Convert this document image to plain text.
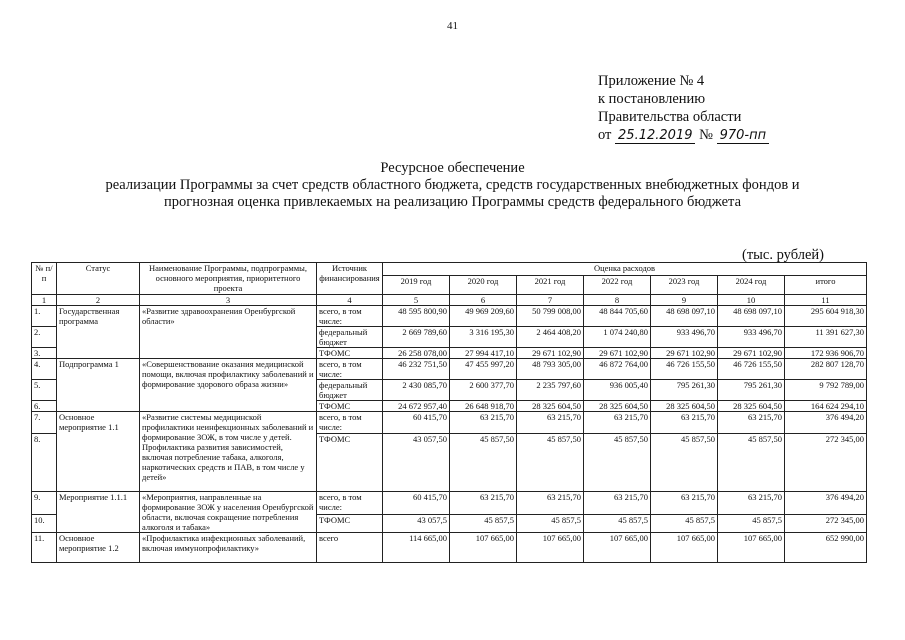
41
Приложение № 4
к постановлению
Правительства области
от 25.12.2019 № 970-пп
Ресурсное обеспечение
реализации Программы за счет средств областного бюджета, средств государственных внебюджетных фондов и
прогнозная оценка привлекаемых на реализацию Программы средств федерального бюджета
(тыс. рублей)
№ п/п	Статус	Наименование Программы, подпрограммы, основного мероприятия, приоритетного проекта	Источник финансирования	Оценка расходов						
				2019 год	2020 год	2021 год	2022 год	2023 год	2024 год	итого
1	2	3	4	5	6	7	8	9	10	11
1.	Государственная программа	«Развитие здравоохранения Оренбургской области»	всего, в том числе:	48 595 800,90	49 969 209,60	50 799 008,00	48 844 705,60	48 698 097,10	48 698 097,10	295 604 918,30
2.			федеральный бюджет	2 669 789,60	3 316 195,30	2 464 408,20	1 074 240,80	933 496,70	933 496,70	11 391 627,30
3.			ТФОМС	26 258 078,00	27 994 417,10	29 671 102,90	29 671 102,90	29 671 102,90	29 671 102,90	172 936 906,70
4.	Подпрограмма 1	«Совершенствование оказания медицинской помощи, включая профилактику заболеваний и формирование здорового образа жизни»	всего, в том числе:	46 232 751,50	47 455 997,20	48 793 305,00	46 872 764,00	46 726 155,50	46 726 155,50	282 807 128,70
5.			федеральный бюджет	2 430 085,70	2 600 377,70	2 235 797,60	936 005,40	795 261,30	795 261,30	9 792 789,00
6.			ТФОМС	24 672 957,40	26 648 918,70	28 325 604,50	28 325 604,50	28 325 604,50	28 325 604,50	164 624 294,10
7.	Основное мероприятие 1.1	«Развитие системы медицинской профилактики неинфекционных заболеваний и формирование ЗОЖ, в том числе у детей. Профилактика развития зависимостей, включая потребление табака, алкоголя, наркотических средств и ПАВ, в том числе у детей»	всего, в том числе:	60 415,70	63 215,70	63 215,70	63 215,70	63 215,70	63 215,70	376 494,20
8.			ТФОМС	43 057,50	45 857,50	45 857,50	45 857,50	45 857,50	45 857,50	272 345,00
9.	Мероприятие 1.1.1	«Мероприятия, направленные на формирование ЗОЖ у населения Оренбургской области, включая сокращение потребления алкоголя и табака»	всего, в том числе:	60 415,70	63 215,70	63 215,70	63 215,70	63 215,70	63 215,70	376 494,20
10.			ТФОМС	43 057,5	45 857,5	45 857,5	45 857,5	45 857,5	45 857,5	272 345,00
11.	Основное мероприятие 1.2	«Профилактика инфекционных заболеваний, включая иммунопрофилактику»	всего	114 665,00	107 665,00	107 665,00	107 665,00	107 665,00	107 665,00	652 990,00
